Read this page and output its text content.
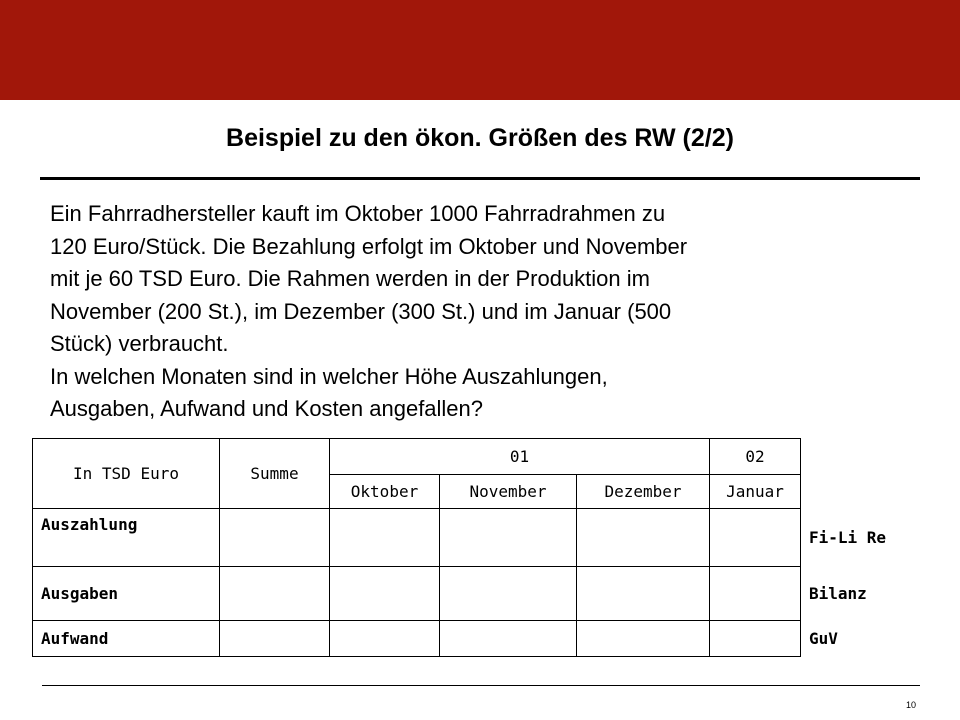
Beispiel zu den ökon. Größen des RW (2/2)
Ein Fahrradhersteller kauft im Oktober 1000 Fahrradrahmen zu
120 Euro/Stück. Die Bezahlung erfolgt im Oktober und November
mit je 60 TSD Euro. Die Rahmen werden in der Produktion im
November (200 St.), im Dezember (300 St.) und im Januar (500
Stück) verbraucht.
In welchen Monaten sind in welcher Höhe Auszahlungen,
Ausgaben, Aufwand und Kosten angefallen?
In TSD Euro	Summe	01			02	
		Oktober	November	Dezember	Januar	
Auszahlung						Fi-Li Re
Ausgaben						Bilanz
Aufwand						GuV
10
